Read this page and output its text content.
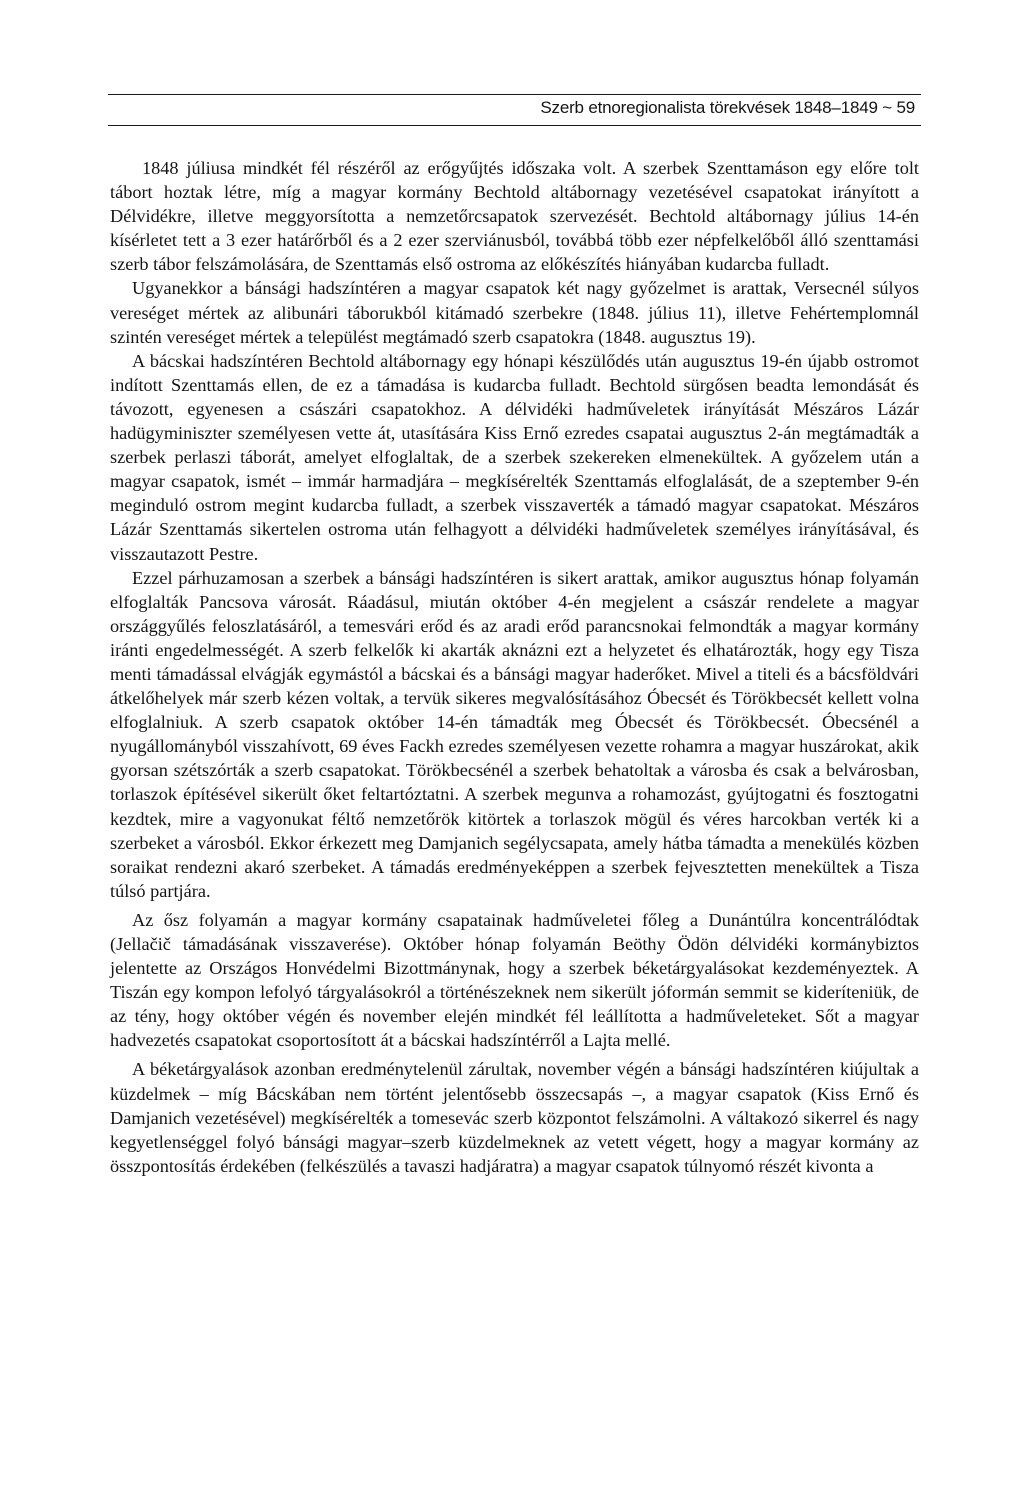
Szerb etnoregionalista törekvések 1848–1849 ~ 59

1848 júliusa mindkét fél részéről az erőgyűjtés időszaka volt. A szerbek Szenttamáson egy előre tolt tábort hoztak létre, míg a magyar kormány Bechtold altábornagy vezetésével csapatokat irányított a Délvidékre, illetve meggyorsította a nemzetőrcsapatok szervezését. Bechtold altábornagy július 14-én kísérletet tett a 3 ezer határőrből és a 2 ezer szerviánusból, továbbá több ezer népfelkelőből álló szenttamási szerb tábor felszámolására, de Szenttamás első ostroma az előkészítés hiányában kudarcba fulladt.

Ugyanekkor a bánsági hadszíntéren a magyar csapatok két nagy győzelmet is arattak, Versecnél súlyos vereséget mértek az alibunári táborukból kitámadó szerbekre (1848. július 11), illetve Fehértemplomnál szintén vereséget mértek a települést megtámadó szerb csapatokra (1848. augusztus 19).

A bácskai hadszíntéren Bechtold altábornagy egy hónapi készülődés után augusztus 19-én újabb ostromot indított Szenttamás ellen, de ez a támadása is kudarcba fulladt. Bechtold sürgősen beadta lemondását és távozott, egyenesen a császári csapatokhoz. A délvidéki hadműveletek irányítását Mészáros Lázár hadügyminiszter személyesen vette át, utasítására Kiss Ernő ezredes csapatai augusztus 2-án megtámadták a szerbek perlaszi táborát, amelyet elfoglaltak, de a szerbek szekereken elmenekültek. A győzelem után a magyar csapatok, ismét – immár harmadjára – megkísérelték Szenttamás elfoglalását, de a szeptember 9-én meginduló ostrom megint kudarcba fulladt, a szerbek visszaverték a támadó magyar csapatokat. Mészáros Lázár Szenttamás sikertelen ostroma után felhagyott a délvidéki hadműveletek személyes irányításával, és visszautazott Pestre.

Ezzel párhuzamosan a szerbek a bánsági hadszíntéren is sikert arattak, amikor augusztus hónap folyamán elfoglalták Pancsova városát. Ráadásul, miután október 4-én megjelent a császár rendelete a magyar országgyűlés feloszlatásáról, a temesvári erőd és az aradi erőd parancsnokai felmondták a magyar kormány iránti engedelmességét. A szerb felkelők ki akarták aknázni ezt a helyzetet és elhatározták, hogy egy Tisza menti támadással elvágják egymástól a bácskai és a bánsági magyar haderőket. Mivel a titeli és a bácsföldvári átkelőhelyek már szerb kézen voltak, a tervük sikeres megvalósításához Óbecsét és Törökbecsét kellett volna elfoglalniuk. A szerb csapatok október 14-én támadták meg Óbecsét és Törökbecsét. Óbecsénél a nyugállományból visszahívott, 69 éves Fackh ezredes személyesen vezette rohamra a magyar huszárokat, akik gyorsan szétszórták a szerb csapatokat. Törökbecsénél a szerbek behatoltak a városba és csak a belvárosban, torlaszok építésével sikerült őket feltartóztatni. A szerbek megunva a rohamozást, gyújtogatni és fosztogatni kezdtek, mire a vagyonukat féltő nemzetőrök kitörtek a torlaszok mögül és véres harcokban verték ki a szerbeket a városból. Ekkor érkezett meg Damjanich segélycsapata, amely hátba támadta a menekülés közben soraikat rendezni akaró szerbeket. A támadás eredményeképpen a szerbek fejvesztetten menekültek a Tisza túlsó partjára.

Az ősz folyamán a magyar kormány csapatainak hadműveletei főleg a Dunántúlra koncentrálódtak (Jellačič támadásának visszaverése). Október hónap folyamán Beöthy Ödön délvidéki kormánybiztos jelentette az Országos Honvédelmi Bizottmánynak, hogy a szerbek béketárgyalásokat kezdeményeztek. A Tiszán egy kompon lefolyó tárgyalásokról a történészeknek nem sikerült jóformán semmit se kideríteniük, de az tény, hogy október végén és november elején mindkét fél leállította a hadműveleteket. Sőt a magyar hadvezetés csapatokat csoportosított át a bácskai hadszíntérről a Lajta mellé.

A béketárgyalások azonban eredménytelenül zárultak, november végén a bánsági hadszíntéren kiújultak a küzdelmek – míg Bácskában nem történt jelentősebb összecsapás –, a magyar csapatok (Kiss Ernő és Damjanich vezetésével) megkísérelték a tomesevác szerb központot felszámolni. A váltakozó sikerrel és nagy kegyetlenséggel folyó bánsági magyar–szerb küzdelmeknek az vetett végett, hogy a magyar kormány az összpontosítás érdekében (felkészülés a tavaszi hadjáratra) a magyar csapatok túlnyomó részét kivonta a
